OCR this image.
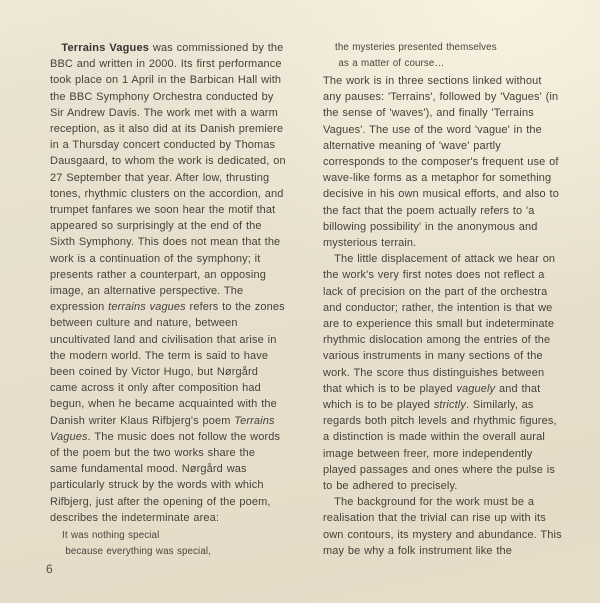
Terrains Vagues was commissioned by the
BBC and written in 2000. Its first performance
took place on 1 April in the Barbican Hall with
the BBC Symphony Orchestra conducted by
Sir Andrew Davis. The work met with a warm
reception, as it also did at its Danish premiere
in a Thursday concert conducted by Thomas
Dausgaard, to whom the work is dedicated, on
27 September that year. After low, thrusting
tones, rhythmic clusters on the accordion, and
trumpet fanfares we soon hear the motif that
appeared so surprisingly at the end of the
Sixth Symphony. This does not mean that the
work is a continuation of the symphony; it
presents rather a counterpart, an opposing
image, an alternative perspective. The
expression terrains vagues refers to the zones
between culture and nature, between
uncultivated land and civilisation that arise in
the modern world. The term is said to have
been coined by Victor Hugo, but Nørgård
came across it only after composition had
begun, when he became acquainted with the
Danish writer Klaus Rifbjerg's poem Terrains
Vagues. The music does not follow the words
of the poem but the two works share the
same fundamental mood. Nørgård was
particularly struck by the words with which
Rifbjerg, just after the opening of the poem,
describes the indeterminate area:
It was nothing special
because everything was special,
the mysteries presented themselves
as a matter of course…
The work is in three sections linked without
any pauses: 'Terrains', followed by 'Vagues' (in
the sense of 'waves'), and finally 'Terrains
Vagues'. The use of the word 'vague' in the
alternative meaning of 'wave' partly
corresponds to the composer's frequent use of
wave-like forms as a metaphor for something
decisive in his own musical efforts, and also to
the fact that the poem actually refers to 'a
billowing possibility' in the anonymous and
mysterious terrain.
The little displacement of attack we hear on
the work's very first notes does not reflect a
lack of precision on the part of the orchestra
and conductor; rather, the intention is that we
are to experience this small but indeterminate
rhythmic dislocation among the entries of the
various instruments in many sections of the
work. The score thus distinguishes between
that which is to be played vaguely and that
which is to be played strictly. Similarly, as
regards both pitch levels and rhythmic figures,
a distinction is made within the overall aural
image between freer, more independently
played passages and ones where the pulse is
to be adhered to precisely.
The background for the work must be a
realisation that the trivial can rise up with its
own contours, its mystery and abundance. This
may be why a folk instrument like the
6
